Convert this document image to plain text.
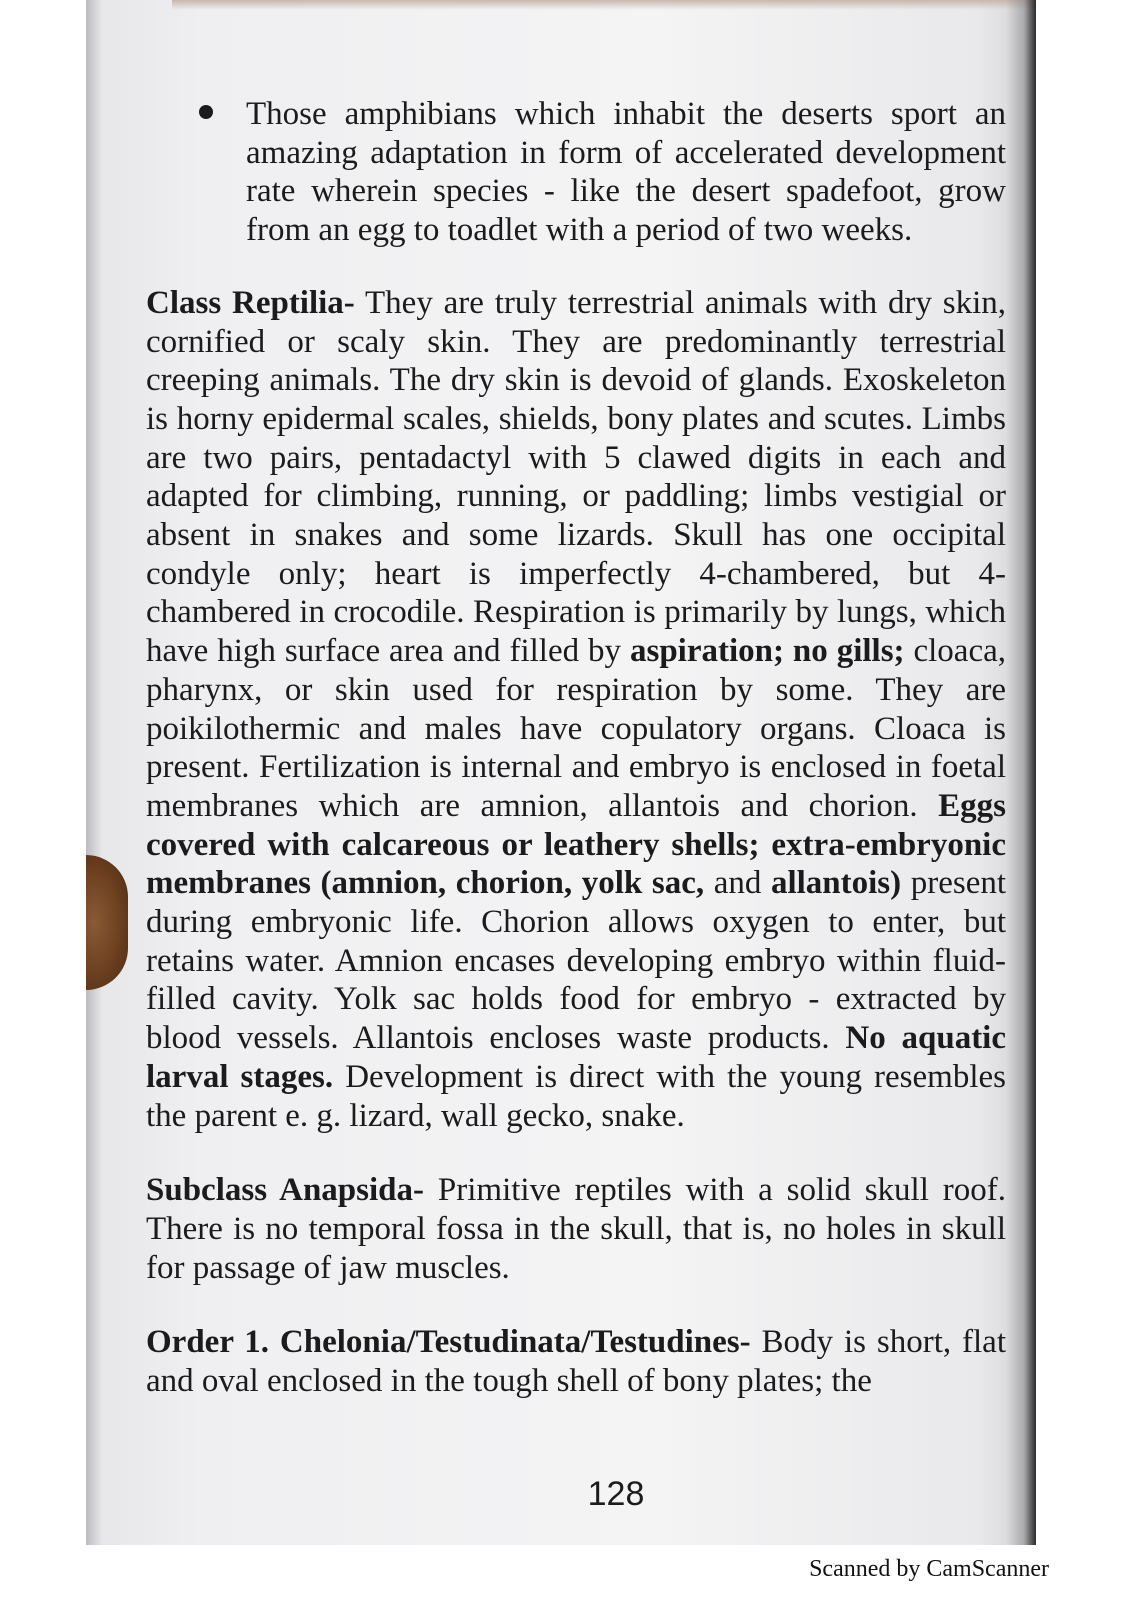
Those amphibians which inhabit the deserts sport an amazing adaptation in form of accelerated development rate wherein species - like the desert spadefoot, grow from an egg to toadlet with a period of two weeks.

Class Reptilia- They are truly terrestrial animals with dry skin, cornified or scaly skin. They are predominantly terrestrial creeping animals. The dry skin is devoid of glands. Exoskeleton is horny epidermal scales, shields, bony plates and scutes. Limbs are two pairs, pentadactyl with 5 clawed digits in each and adapted for climbing, running, or paddling; limbs vestigial or absent in snakes and some lizards. Skull has one occipital condyle only; heart is imperfectly 4-chambered, but 4-chambered in crocodile. Respiration is primarily by lungs, which have high surface area and filled by aspiration; no gills; cloaca, pharynx, or skin used for respiration by some. They are poikilothermic and males have copulatory organs. Cloaca is present. Fertilization is internal and embryo is enclosed in foetal membranes which are amnion, allantois and chorion. Eggs covered with calcareous or leathery shells; extra-embryonic membranes (amnion, chorion, yolk sac, and allantois) present during embryonic life. Chorion allows oxygen to enter, but retains water. Amnion encases developing embryo within fluid-filled cavity. Yolk sac holds food for embryo - extracted by blood vessels. Allantois encloses waste products. No aquatic larval stages. Development is direct with the young resembles the parent e. g. lizard, wall gecko, snake.

Subclass Anapsida- Primitive reptiles with a solid skull roof. There is no temporal fossa in the skull, that is, no holes in skull for passage of jaw muscles.

Order 1. Chelonia/Testudinata/Testudines- Body is short, flat and oval enclosed in the tough shell of bony plates; the

128
Scanned by CamScanner
